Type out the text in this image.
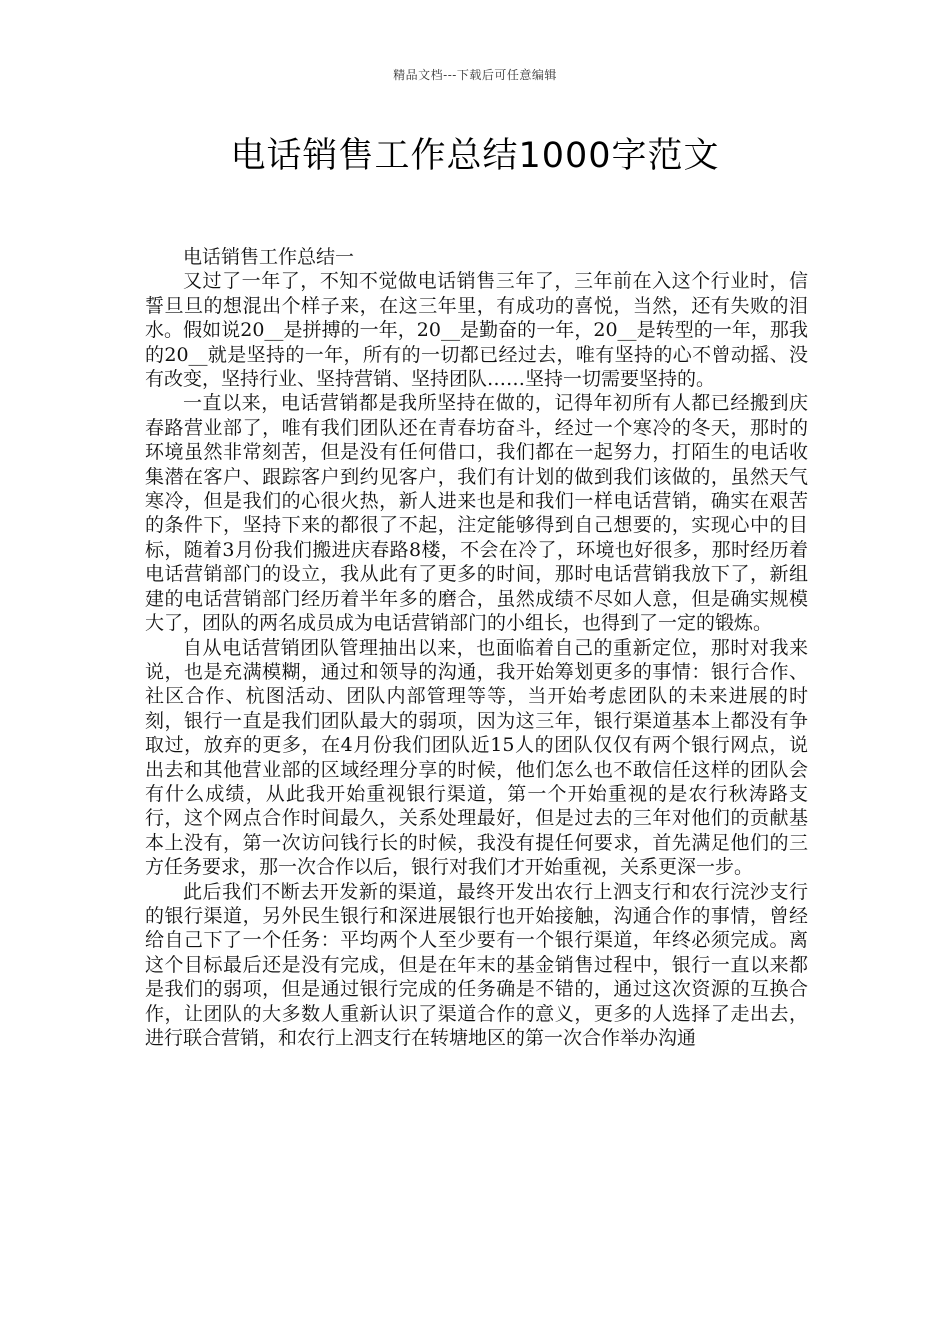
精品文档---下载后可任意编辑
电话销售工作总结1000字范文
电话销售工作总结一

又过了一年了，不知不觉做电话销售三年了，三年前在入这个行业时，信誓旦旦的想混出个样子来，在这三年里，有成功的喜悦，当然，还有失败的泪水。假如说20__是拼搏的一年，20__是勤奋的一年，20__是转型的一年，那我的20__就是坚持的一年，所有的一切都已经过去，唯有坚持的心不曾动摇、没有改变，坚持行业、坚持营销、坚持团队……坚持一切需要坚持的。

一直以来，电话营销都是我所坚持在做的，记得年初所有人都已经搬到庆春路营业部了，唯有我们团队还在青春坊奋斗，经过一个寒冷的冬天，那时的环境虽然非常刻苦，但是没有任何借口，我们都在一起努力，打陌生的电话收集潜在客户、跟踪客户到约见客户，我们有计划的做到我们该做的，虽然天气寒冷，但是我们的心很火热，新人进来也是和我们一样电话营销，确实在艰苦的条件下，坚持下来的都很了不起，注定能够得到自己想要的，实现心中的目标，随着3月份我们搬进庆春路8楼，不会在冷了，环境也好很多，那时经历着电话营销部门的设立，我从此有了更多的时间，那时电话营销我放下了，新组建的电话营销部门经历着半年多的磨合，虽然成绩不尽如人意，但是确实规模大了，团队的两名成员成为电话营销部门的小组长，也得到了一定的锻炼。

自从电话营销团队管理抽出以来，也面临着自己的重新定位，那时对我来说，也是充满模糊，通过和领导的沟通，我开始筹划更多的事情：银行合作、社区合作、杭图活动、团队内部管理等等，当开始考虑团队的未来进展的时刻，银行一直是我们团队最大的弱项，因为这三年，银行渠道基本上都没有争取过，放弃的更多，在4月份我们团队近15人的团队仅仅有两个银行网点，说出去和其他营业部的区域经理分享的时候，他们怎么也不敢信任这样的团队会有什么成绩，从此我开始重视银行渠道，第一个开始重视的是农行秋涛路支行，这个网点合作时间最久，关系处理最好，但是过去的三年对他们的贡献基本上没有，第一次访问钱行长的时候，我没有提任何要求，首先满足他们的三方任务要求，那一次合作以后，银行对我们才开始重视，关系更深一步。

此后我们不断去开发新的渠道，最终开发出农行上泗支行和农行浣沙支行的银行渠道，另外民生银行和深进展银行也开始接触，沟通合作的事情，曾经给自己下了一个任务：平均两个人至少要有一个银行渠道，年终必须完成。离这个目标最后还是没有完成，但是在年末的基金销售过程中，银行一直以来都是我们的弱项，但是通过银行完成的任务确是不错的，通过这次资源的互换合作，让团队的大多数人重新认识了渠道合作的意义，更多的人选择了走出去，进行联合营销，和农行上泗支行在转塘地区的第一次合作举办沟通
